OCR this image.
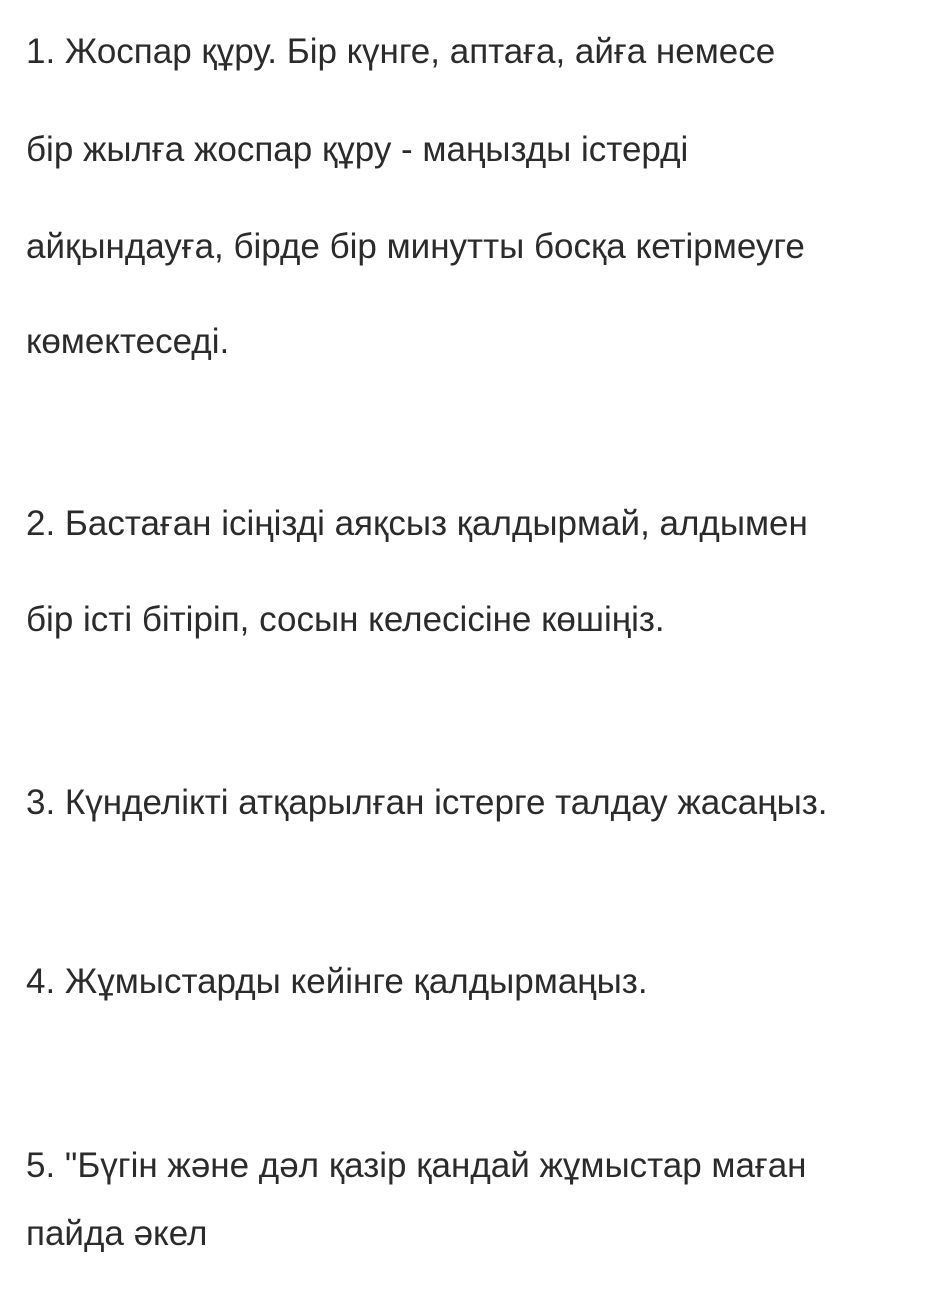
1. Жоспар құру. Бір күнге, аптаға, айға немесе
бір жылға жоспар құру - маңызды істерді
айқындауға, бірде бір минутты босқа кетірмеуге
көмектеседі.
2. Бастаған ісіңізді аяқсыз қалдырмай, алдымен
бір істі бітіріп, сосын келесісіне көшіңіз.
3. Күнделікті атқарылған істерге талдау жасаңыз.
4. Жұмыстарды кейінге қалдырмаңыз.
5. "Бүгін және дәл қазір қандай жұмыстар маған
пайда әкел
